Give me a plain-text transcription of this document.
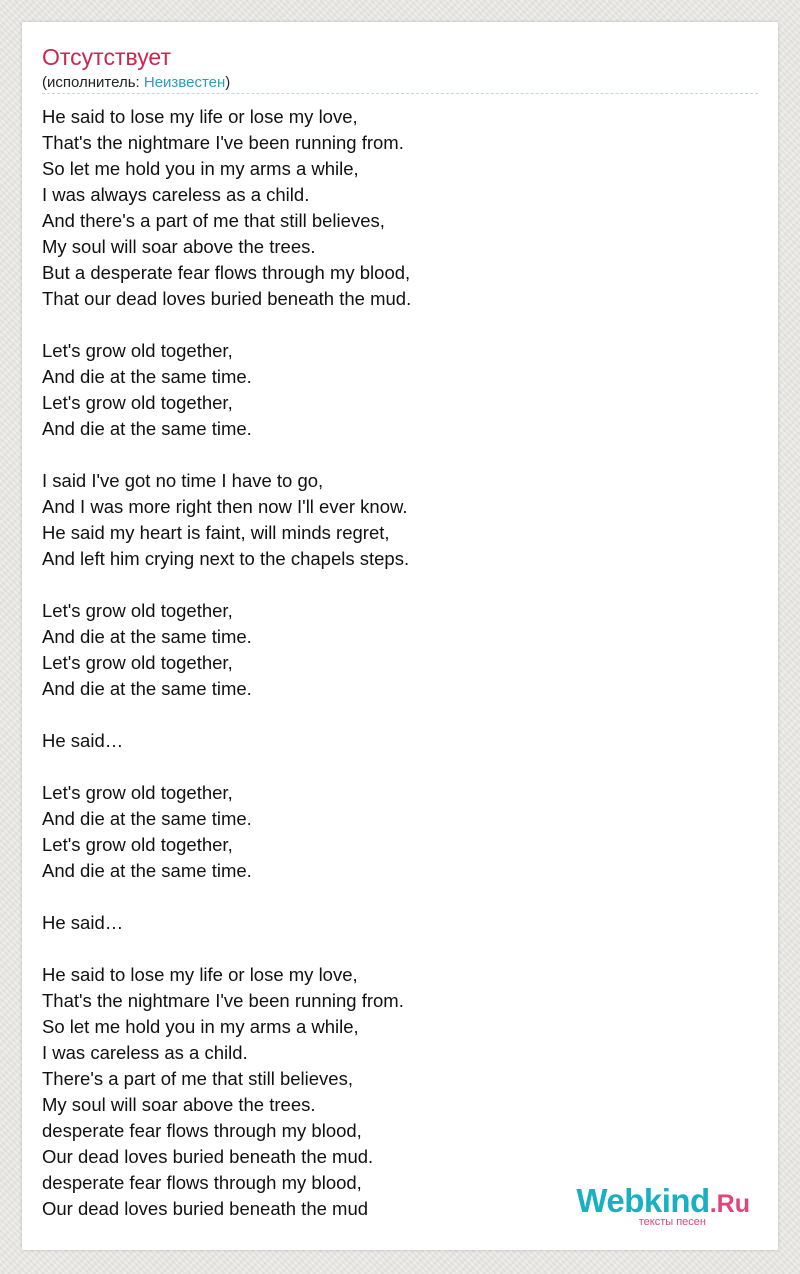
Отсутствует
(исполнитель: Неизвестен)
He said to lose my life or lose my love,
That's the nightmare I've been running from.
So let me hold you in my arms a while,
I was always careless as a child.
And there's a part of me that still believes,
My soul will soar above the trees.
But a desperate fear flows through my blood,
That our dead loves buried beneath the mud.
Let's grow old together,
And die at the same time.
Let's grow old together,
And die at the same time.
I said I've got no time I have to go,
And I was more right then now I'll ever know.
He said my heart is faint, will minds regret,
And left him crying next to the chapels steps.
Let's grow old together,
And die at the same time.
Let's grow old together,
And die at the same time.
He said…
Let's grow old together,
And die at the same time.
Let's grow old together,
And die at the same time.
He said…
He said to lose my life or lose my love,
That's the nightmare I've been running from.
So let me hold you in my arms a while,
I was careless as a child.
There's a part of me that still believes,
My soul will soar above the trees.
desperate fear flows through my blood,
Our dead loves buried beneath the mud.
desperate fear flows through my blood,
Our dead loves buried beneath the mud	Webkind.Ru
тексты песен
